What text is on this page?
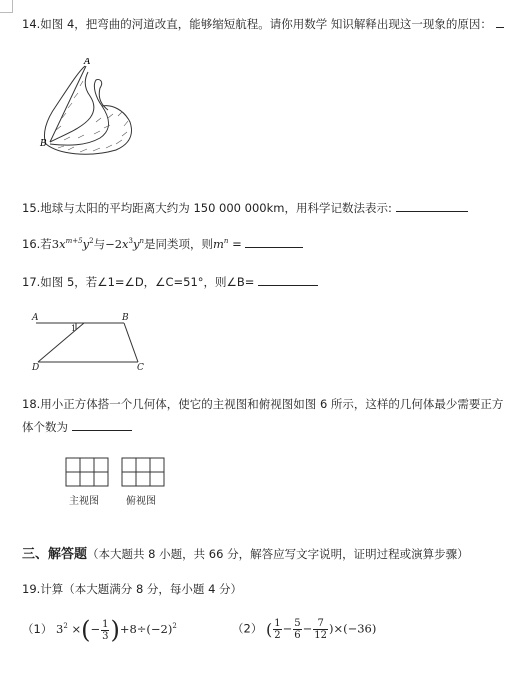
14.如图 4，把弯曲的河道改直，能够缩短航程。请你用数学 知识解释出现这一现象的原因：
A
B
15.地球与太阳的平均距离大约为 150 000 000km，用科学记数法表示:
16.若3xm+5y2与−2x3yn是同类项，则mn =
17.如图 5，若∠1=∠D，∠C=51°，则∠B=
A	B
D	C
1
18.用小正方体搭一个几何体，使它的主视图和俯视图如图 6 所示，这样的几何体最少需要正方
体个数为
主视图	俯视图
三、解答题（本大题共 8 小题，共 66 分，解答应写文字说明，证明过程或演算步骤）
19.计算（本大题满分 8 分，每小题 4 分）
（1） 32 ×(− $\frac{1}{3} )+8\div(-2)2$	（2） ( $\frac{1}{2} - \frac{5}{6} - \frac{7}{12} )\times(-36)$
